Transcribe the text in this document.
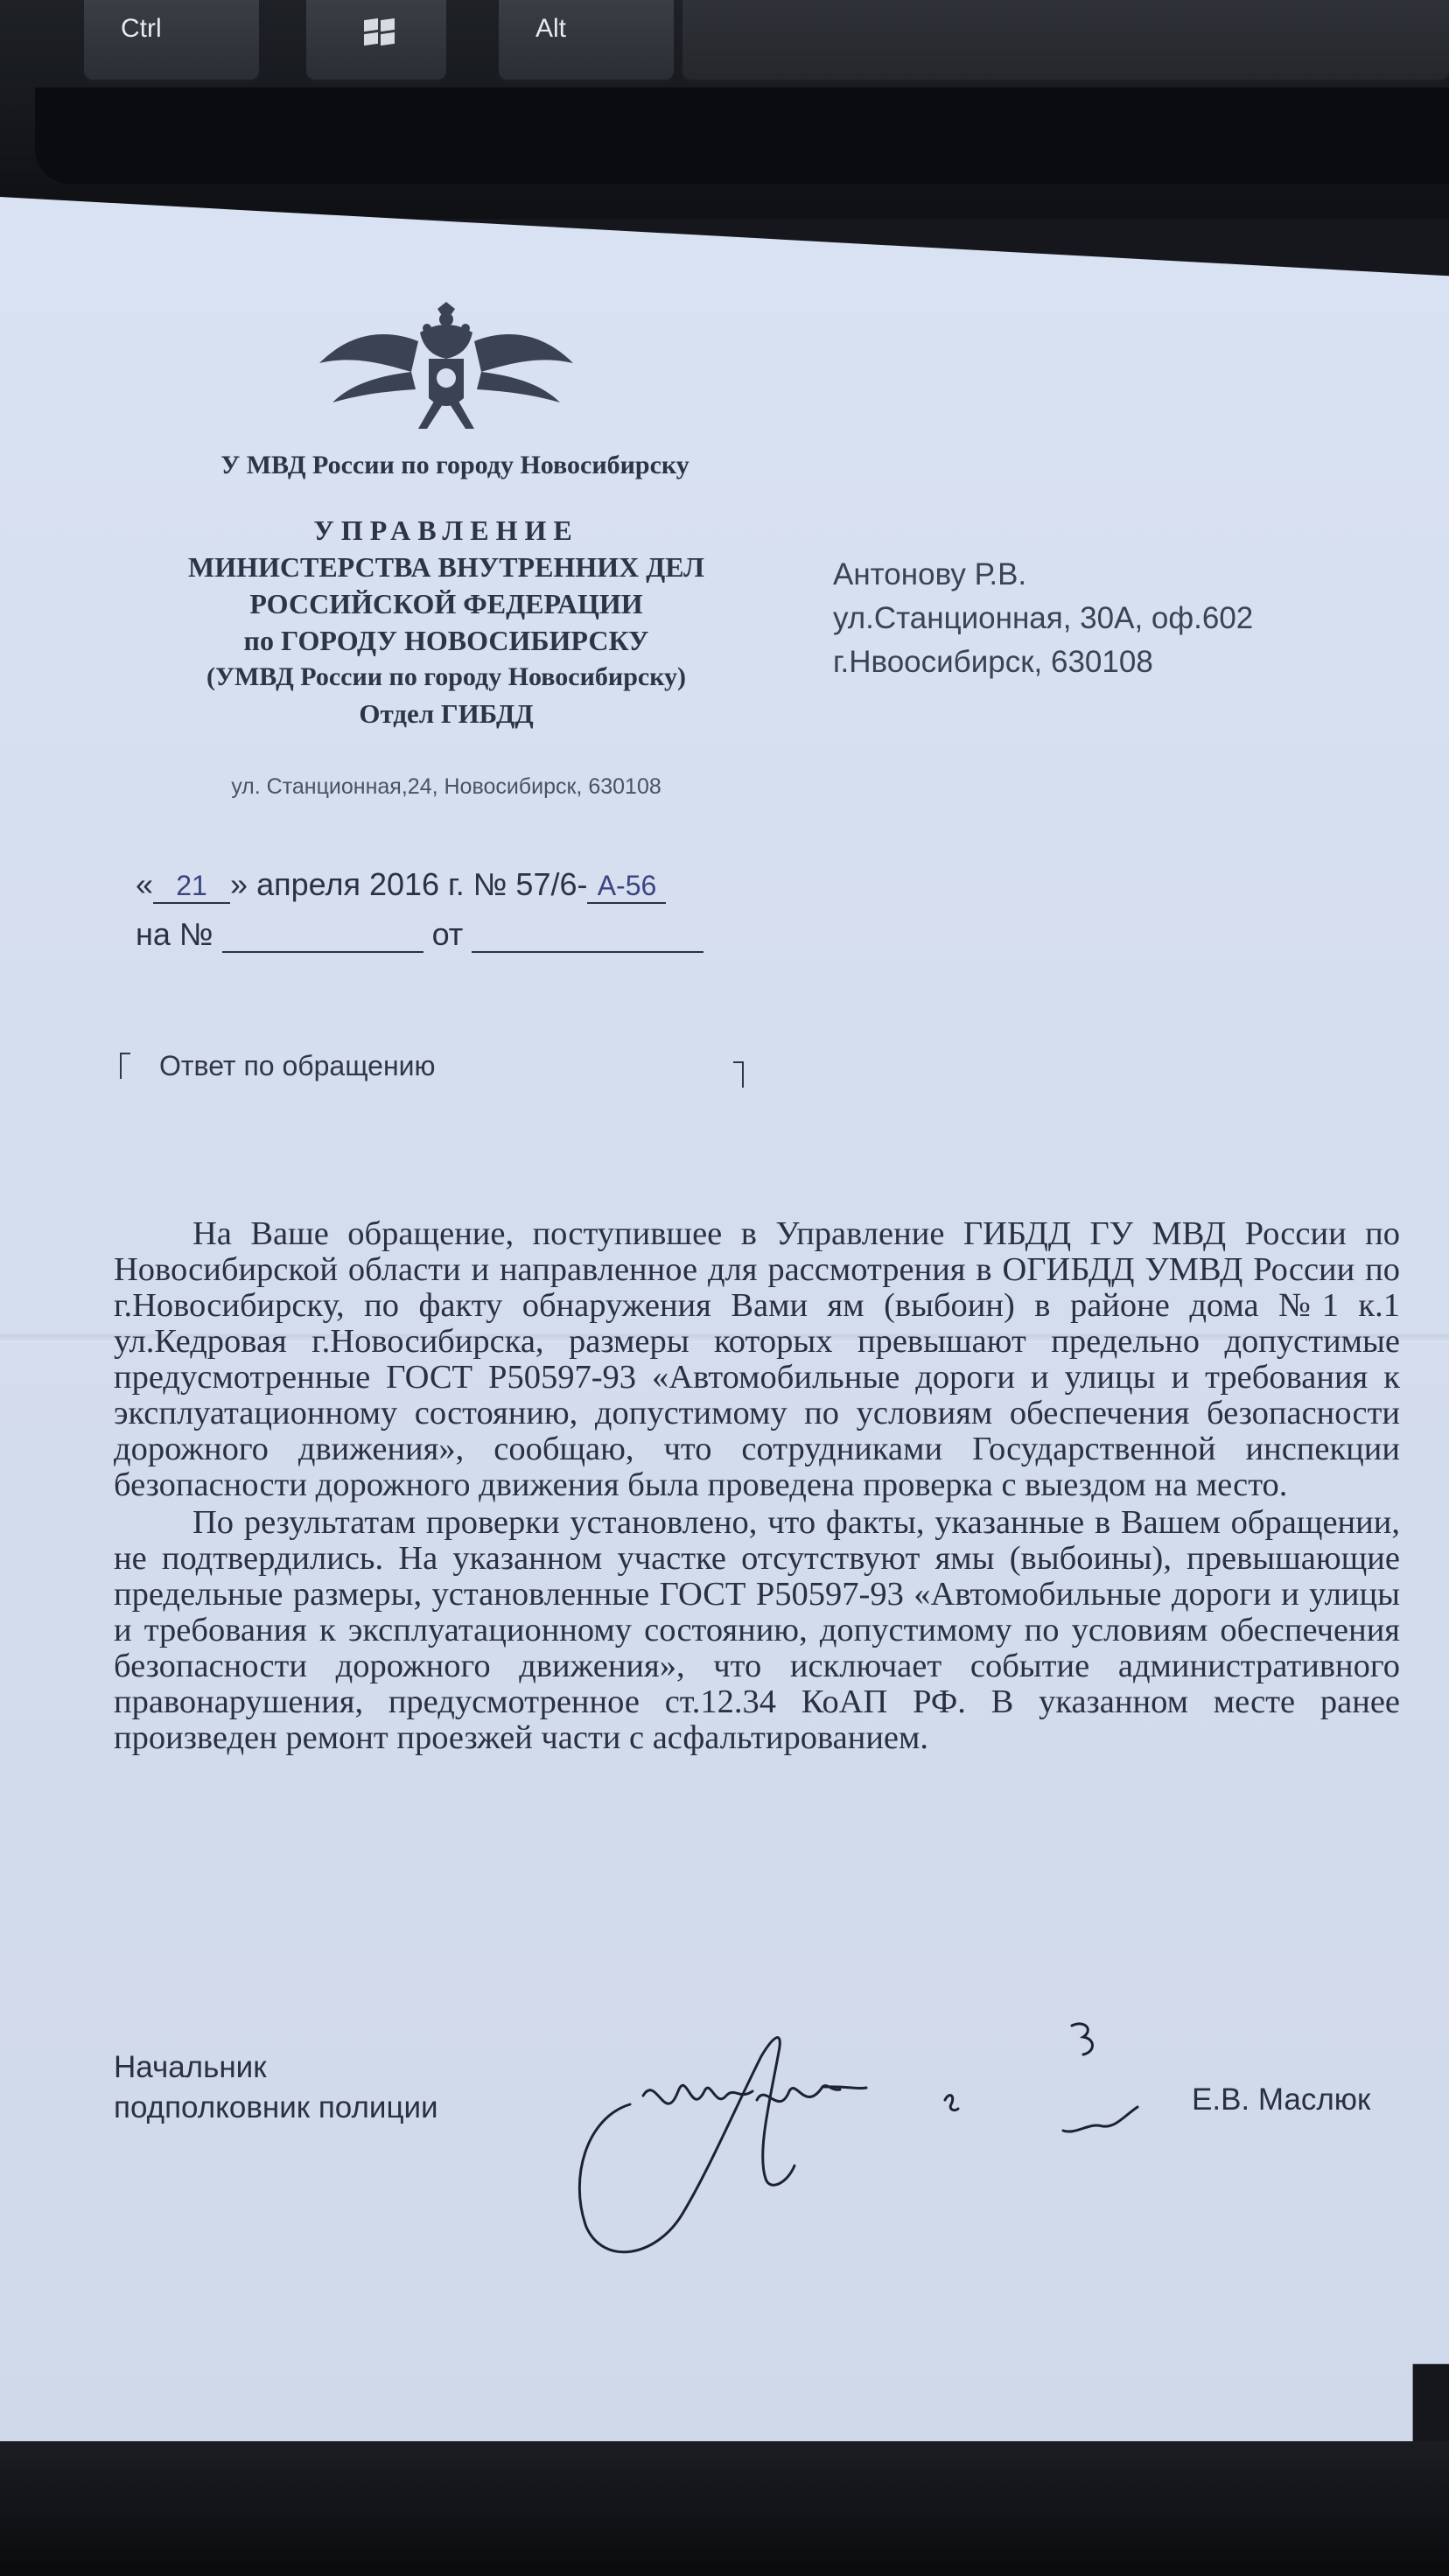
Ctrl	Alt
У МВД России по городу Новосибирску
УПРАВЛЕНИЕ
МИНИСТЕРСТВА ВНУТРЕННИХ ДЕЛ
РОССИЙСКОЙ ФЕДЕРАЦИИ
по ГОРОДУ НОВОСИБИРСКУ
(УМВД России по городу Новосибирску)
Отдел ГИБДД
ул. Станционная,24, Новосибирск, 630108
Антонову Р.В.
ул.Станционная, 30А, оф.602
г.Нвоосибирск, 630108
« 21 » апреля 2016 г. № 57/6- А-56
на №	от
Ответ по обращению

На Ваше обращение, поступившее в Управление ГИБДД ГУ МВД России по Новосибирской области и направленное для рассмотрения в ОГИБДД УМВД России по г.Новосибирску, по факту обнаружения Вами ям (выбоин) в районе дома №1 к.1 ул.Кедровая г.Новосибирска, размеры которых превышают предельно допустимые предусмотренные ГОСТ Р50597-93 «Автомобильные дороги и улицы и требования к эксплуатационному состоянию, допустимому по условиям обеспечения безопасности дорожного движения», сообщаю, что сотрудниками Государственной инспекции безопасности дорожного движения была проведена проверка с выездом на место.

По результатам проверки установлено, что факты, указанные в Вашем обращении, не подтвердились. На указанном участке отсутствуют ямы (выбоины), превышающие предельные размеры, установленные ГОСТ Р50597-93 «Автомобильные дороги и улицы и требования к эксплуатационному состоянию, допустимому по условиям обеспечения безопасности дорожного движения», что исключает событие административного правонарушения, предусмотренное ст.12.34 КоАП РФ. В указанном месте ранее произведен ремонт проезжей части с асфальтированием.

Начальник
подполковник полиции	Е.В. Маслюк
